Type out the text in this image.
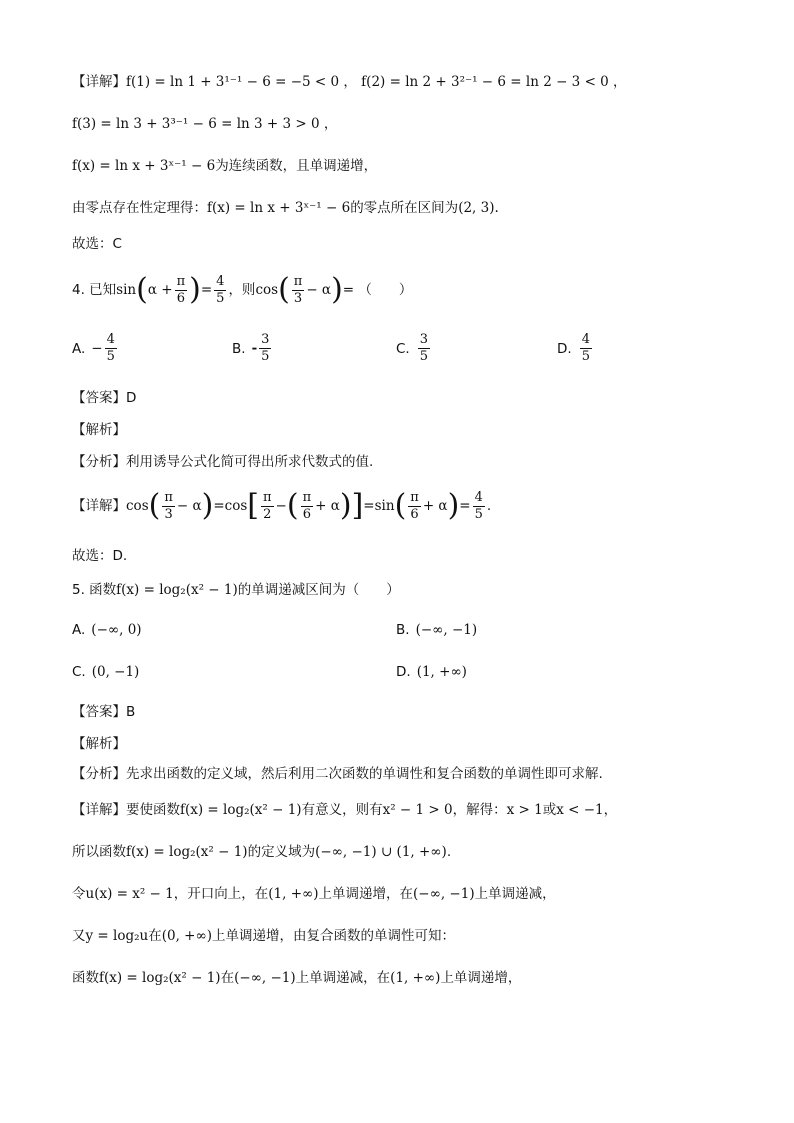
【详解】f(1) = ln 1 + 3¹⁻¹ − 6 = −5 < 0 ， f(2) = ln 2 + 3²⁻¹ − 6 = ln 2 − 3 < 0 ，
f(3) = ln 3 + 3³⁻¹ − 6 = ln 3 + 3 > 0 ，
f(x) = ln x + 3ˣ⁻¹ − 6为连续函数，且单调递增，
由零点存在性定理得：f(x) = ln x + 3ˣ⁻¹ − 6的零点所在区间为(2, 3).
故选：C
4. 已知$\sin(\alpha + \frac{\pi}{6}$ )= $\frac{4}{5}$ ，则$\cos( \frac{\pi}{3} - \alpha)=$ （　　）
A. − $\frac{4}{5}$	B. - $\frac{3}{5}$	C. $\frac{3}{5}$	D. $\frac{4}{5}$
【答案】D
【解析】
【分析】利用诱导公式化简可得出所求代数式的值.
【详解】$\cos( \frac{\pi}{3} - \alpha)=\cos[ \frac{\pi}{2}$ −( $\frac{\pi}{6} + \alpha)]=\sin( \frac{\pi}{6} + \alpha)= \frac{4}{5}$ .
故选：D.
5. 函数f(x) = log₂(x² − 1)的单调递减区间为（　　）
A. (−∞, 0)	B. (−∞, −1)
C. (0, −1)	D. (1, +∞)
【答案】B
【解析】
【分析】先求出函数的定义域，然后利用二次函数的单调性和复合函数的单调性即可求解.
【详解】要使函数f(x) = log₂(x² − 1)有意义，则有x² − 1 > 0，解得：x > 1或x < −1，
所以函数f(x) = log₂(x² − 1)的定义域为(−∞, −1) ∪ (1, +∞).
令u(x) = x² − 1，开口向上，在(1, +∞)上单调递增，在(−∞, −1)上单调递减，
又y = log₂u在(0, +∞)上单调递增，由复合函数的单调性可知：
函数f(x) = log₂(x² − 1)在(−∞, −1)上单调递减，在(1, +∞)上单调递增，
